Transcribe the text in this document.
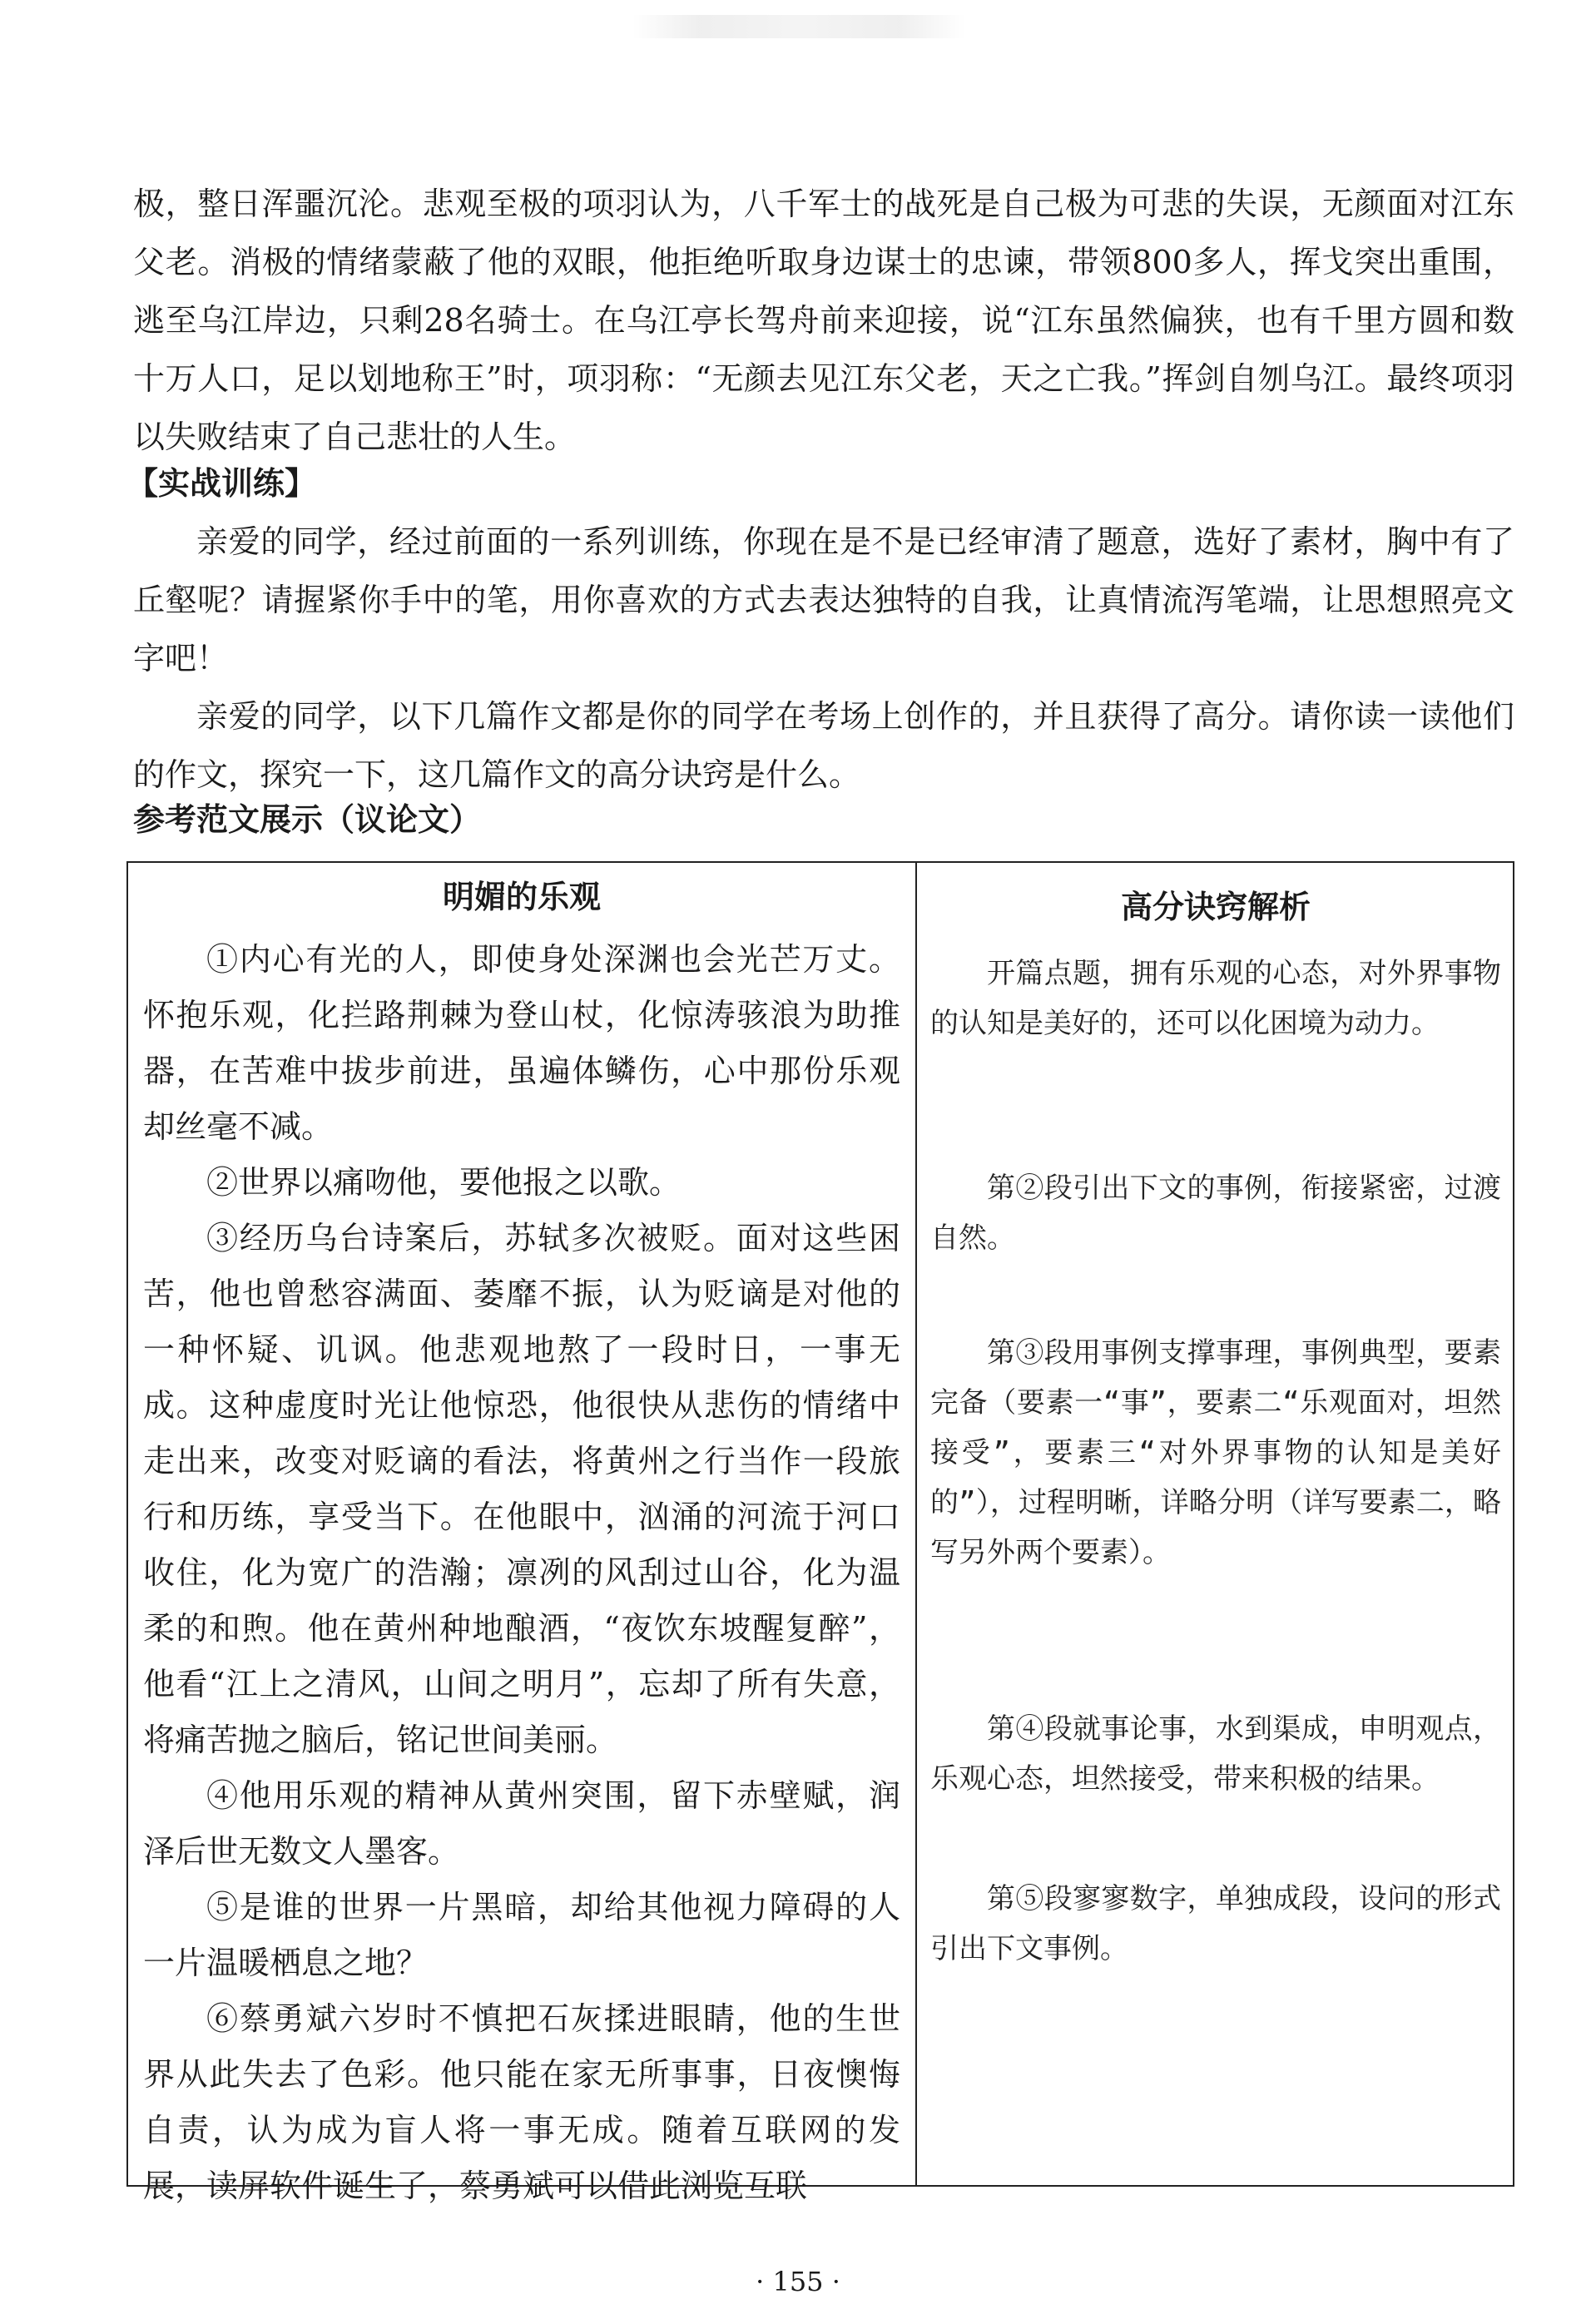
极，整日浑噩沉沦。悲观至极的项羽认为，八千军士的战死是自己极为可悲的失误，无颜面对江东父老。消极的情绪蒙蔽了他的双眼，他拒绝听取身边谋士的忠谏，带领800多人，挥戈突出重围，逃至乌江岸边，只剩28名骑士。在乌江亭长驾舟前来迎接，说“江东虽然偏狭，也有千里方圆和数十万人口，足以划地称王”时，项羽称：“无颜去见江东父老，天之亡我。”挥剑自刎乌江。最终项羽以失败结束了自己悲壮的人生。

【实战训练】

亲爱的同学，经过前面的一系列训练，你现在是不是已经审清了题意，选好了素材，胸中有了丘壑呢？请握紧你手中的笔，用你喜欢的方式去表达独特的自我，让真情流泻笔端，让思想照亮文字吧！

亲爱的同学，以下几篇作文都是你的同学在考场上创作的，并且获得了高分。请你读一读他们的作文，探究一下，这几篇作文的高分诀窍是什么。

参考范文展示（议论文）
明媚的乐观	高分诀窍解析

①内心有光的人，即使身处深渊也会光芒万丈。怀抱乐观，化拦路荆棘为登山杖，化惊涛骇浪为助推器，在苦难中拔步前进，虽遍体鳞伤，心中那份乐观却丝毫不减。

②世界以痛吻他，要他报之以歌。

③经历乌台诗案后，苏轼多次被贬。面对这些困苦，他也曾愁容满面、萎靡不振，认为贬谪是对他的一种怀疑、讥讽。他悲观地熬了一段时日，一事无成。这种虚度时光让他惊恐，他很快从悲伤的情绪中走出来，改变对贬谪的看法，将黄州之行当作一段旅行和历练，享受当下。在他眼中，汹涌的河流于河口收住，化为宽广的浩瀚；凛冽的风刮过山谷，化为温柔的和煦。他在黄州种地酿酒，“夜饮东坡醒复醉”，他看“江上之清风，山间之明月”，忘却了所有失意，将痛苦抛之脑后，铭记世间美丽。

④他用乐观的精神从黄州突围，留下赤壁赋，润泽后世无数文人墨客。

⑤是谁的世界一片黑暗，却给其他视力障碍的人一片温暖栖息之地？

⑥蔡勇斌六岁时不慎把石灰揉进眼睛，他的生世界从此失去了色彩。他只能在家无所事事，日夜懊悔自责，认为成为盲人将一事无成。随着互联网的发展，读屏软件诞生了，蔡勇斌可以借此浏览互联

开篇点题，拥有乐观的心态，对外界事物的认知是美好的，还可以化困境为动力。
第②段引出下文的事例，衔接紧密，过渡自然。
第③段用事例支撑事理，事例典型，要素完备（要素一“事”，要素二“乐观面对，坦然接受”，要素三“对外界事物的认知是美好的”），过程明晰，详略分明（详写要素二，略写另外两个要素）。
第④段就事论事，水到渠成，申明观点，乐观心态，坦然接受，带来积极的结果。
第⑤段寥寥数字，单独成段，设问的形式引出下文事例。
· 155 ·
